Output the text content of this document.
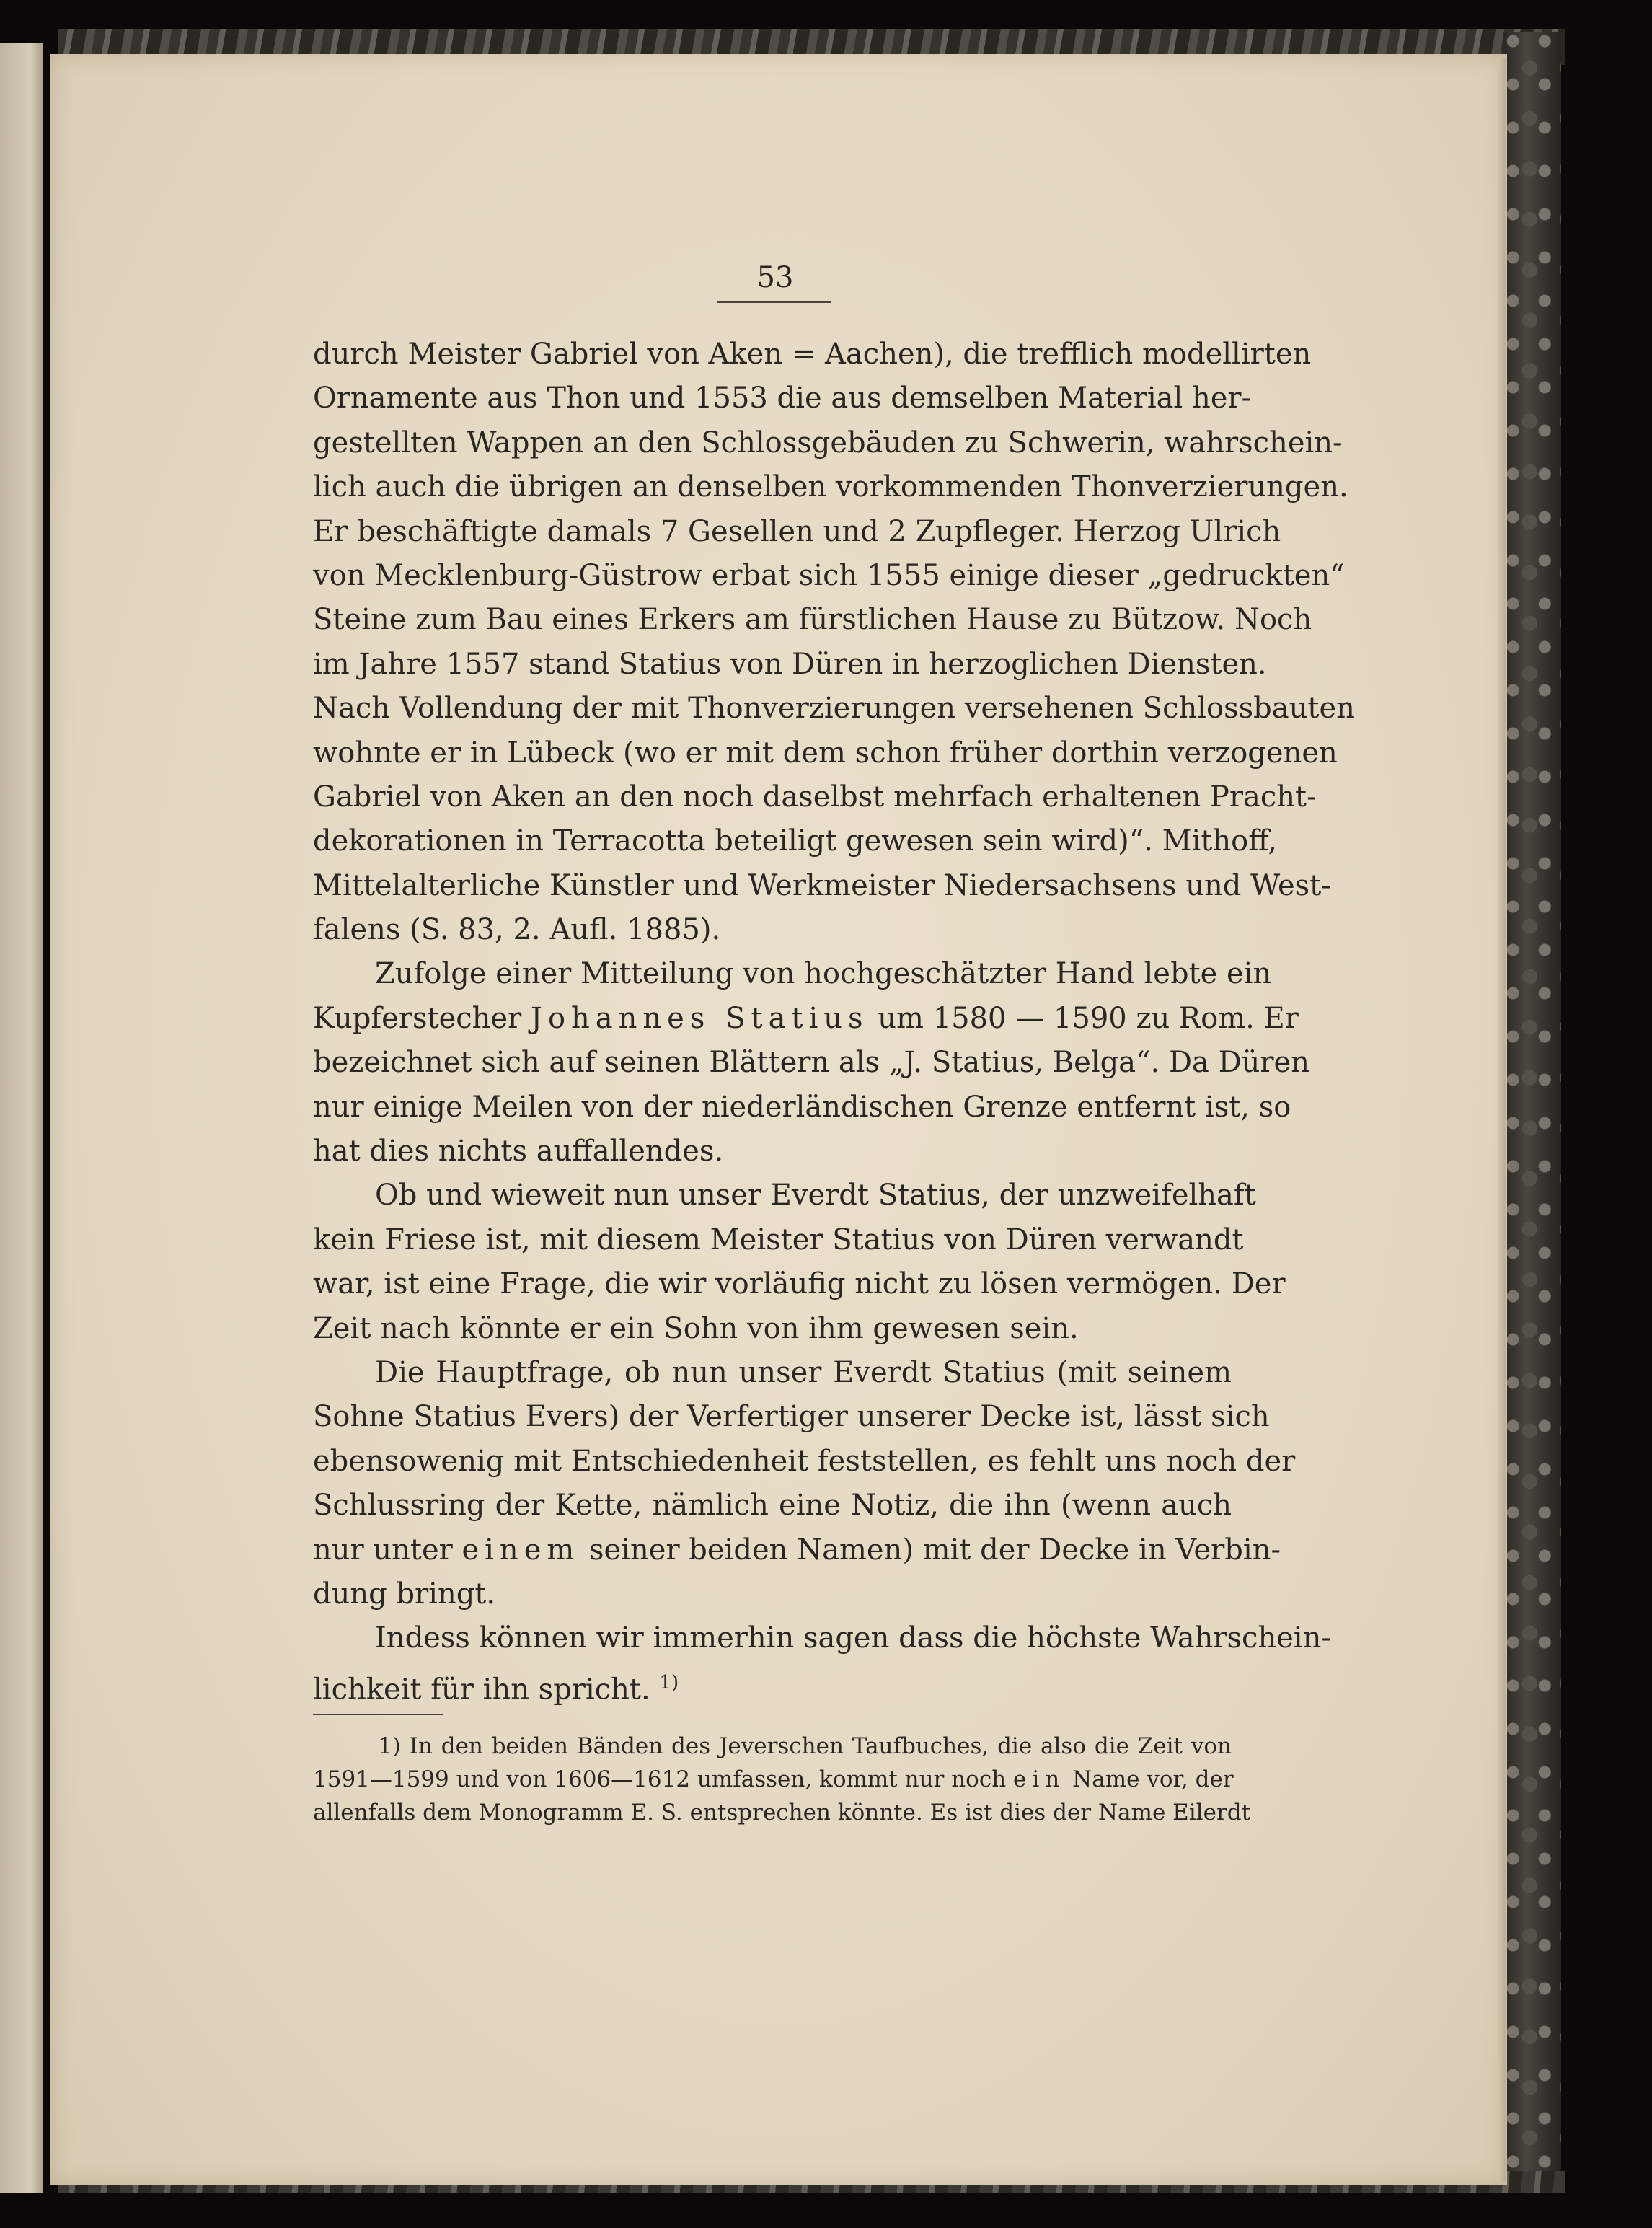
53
durch Meister Gabriel von Aken = Aachen), die trefflich modellirten
Ornamente aus Thon und 1553 die aus demselben Material her-
gestellten Wappen an den Schlossgebäuden zu Schwerin, wahrschein-
lich auch die übrigen an denselben vorkommenden Thonverzierungen.
Er beschäftigte damals 7 Gesellen und 2 Zupfleger. Herzog Ulrich
von Mecklenburg-Güstrow erbat sich 1555 einige dieser „gedruckten“
Steine zum Bau eines Erkers am fürstlichen Hause zu Bützow. Noch
im Jahre 1557 stand Statius von Düren in herzoglichen Diensten.
Nach Vollendung der mit Thonverzierungen versehenen Schlossbauten
wohnte er in Lübeck (wo er mit dem schon früher dorthin verzogenen
Gabriel von Aken an den noch daselbst mehrfach erhaltenen Pracht-
dekorationen in Terracotta beteiligt gewesen sein wird)“. Mithoff,
Mittelalterliche Künstler und Werkmeister Niedersachsens und West-
falens (S. 83, 2. Aufl. 1885).
Zufolge einer Mitteilung von hochgeschätzter Hand lebte ein
Kupferstecher Johannes Statius um 1580 — 1590 zu Rom. Er
bezeichnet sich auf seinen Blättern als „J. Statius, Belga“. Da Düren
nur einige Meilen von der niederländischen Grenze entfernt ist, so
hat dies nichts auffallendes.
Ob und wieweit nun unser Everdt Statius, der unzweifelhaft
kein Friese ist, mit diesem Meister Statius von Düren verwandt
war, ist eine Frage, die wir vorläufig nicht zu lösen vermögen. Der
Zeit nach könnte er ein Sohn von ihm gewesen sein.
Die Hauptfrage, ob nun unser Everdt Statius (mit seinem
Sohne Statius Evers) der Verfertiger unserer Decke ist, lässt sich
ebensowenig mit Entschiedenheit feststellen, es fehlt uns noch der
Schlussring der Kette, nämlich eine Notiz, die ihn (wenn auch
nur unter einem seiner beiden Namen) mit der Decke in Verbin-
dung bringt.
Indess können wir immerhin sagen dass die höchste Wahrschein-
lichkeit für ihn spricht. $^{1)}$
1) In den beiden Bänden des Jeverschen Taufbuches, die also die Zeit von
1591—1599 und von 1606—1612 umfassen, kommt nur noch ein Name vor, der
allenfalls dem Monogramm E. S. entsprechen könnte. Es ist dies der Name Eilerdt
